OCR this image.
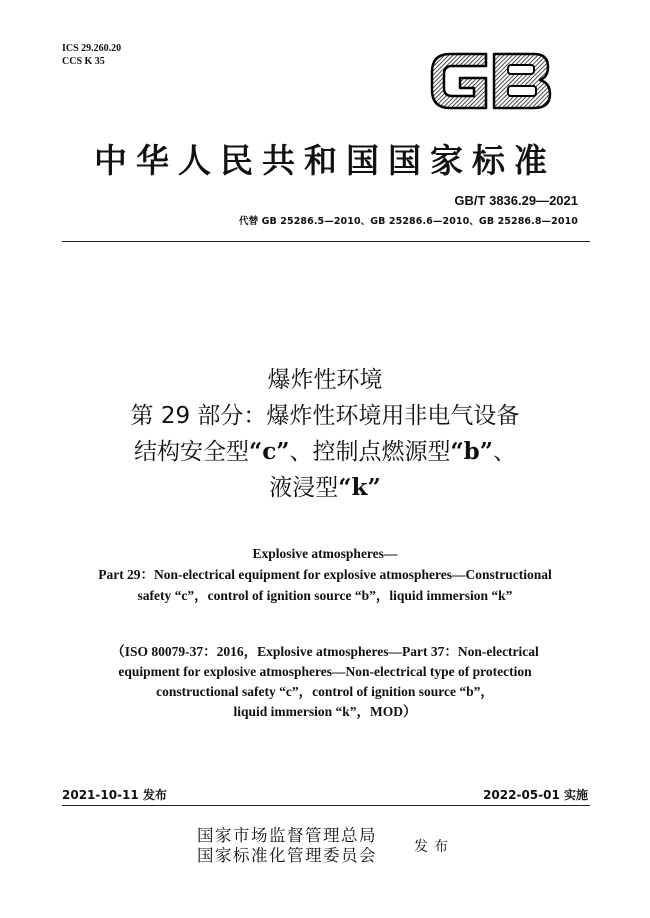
ICS 29.260.20
CCS K 35
中华人民共和国国家标准
GB/T 3836.29—2021
代替 GB 25286.5—2010、GB 25286.6—2010、GB 25286.8—2010
爆炸性环境
第 29 部分：爆炸性环境用非电气设备
结构安全型“c”、控制点燃源型“b”、
液浸型“k”
Explosive atmospheres—
Part 29：Non-electrical equipment for explosive atmospheres—Constructional
safety “c”，control of ignition source “b”，liquid immersion “k”
（ISO 80079-37：2016，Explosive atmospheres—Part 37：Non-electrical
equipment for explosive atmospheres—Non-electrical type of protection
constructional safety “c”，control of ignition source “b”，
liquid immersion “k”，MOD）
2021-10-11 发布	2022-05-01 实施
国家市场监督管理总局
国家标准化管理委员会	发布
